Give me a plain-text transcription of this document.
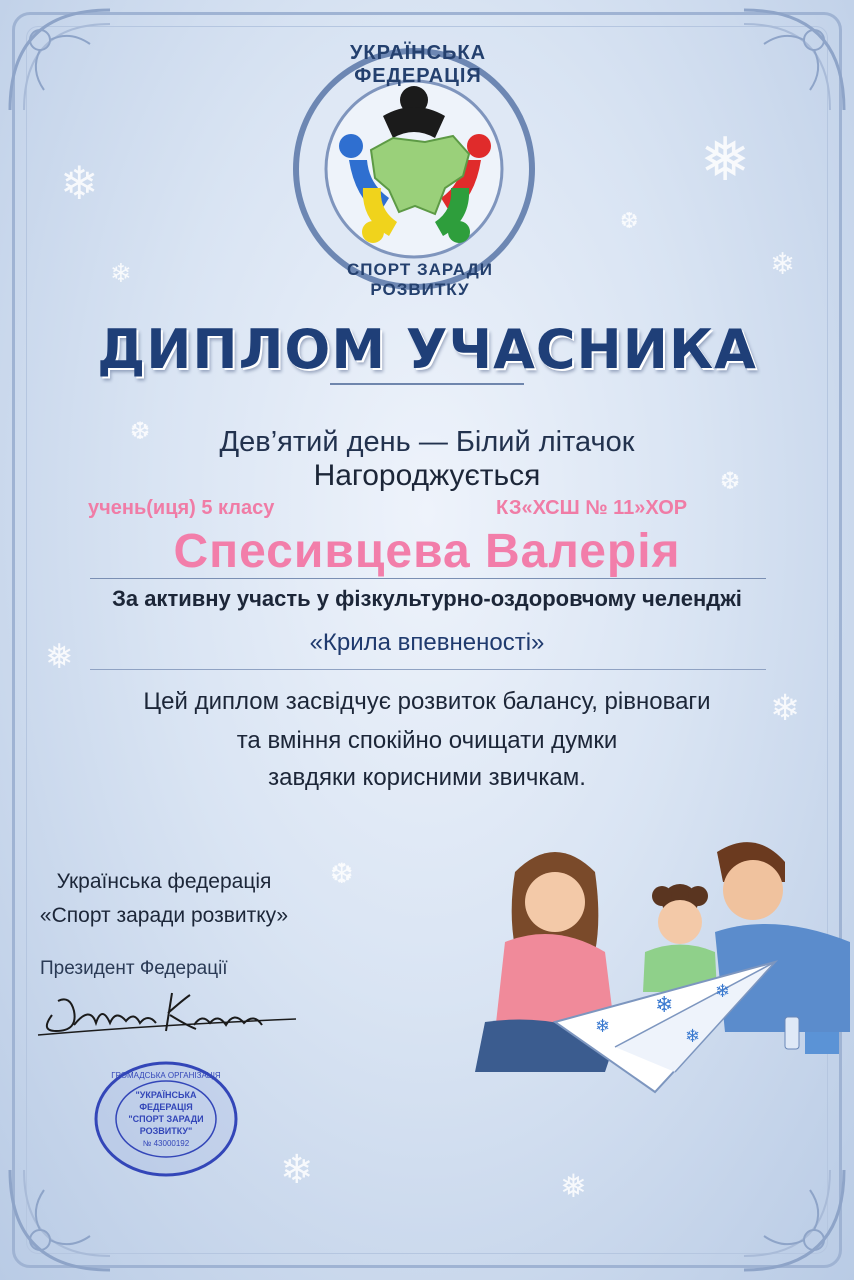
❄
❄
❅
❄
❆
❅
❄
❆
❄	❅
❆
❆
УКРАЇНСЬКА ФЕДЕРАЦІЯ
СПОРТ ЗАРАДИ РОЗВИТКУ
ДИПЛОМ УЧАСНИКА
Дев’ятий день — Білий літачок
Нагороджується
учень(иця) 5 класу	КЗ«ХСШ № 11»ХОР
Спесивцева Валерія
За активну участь у фізкультурно-оздоровчому челенджі
«Крила впевненості»
Цей диплом засвідчує розвиток балансу, рівноваги
та вміння спокійно очищати думки
завдяки корисними звичкам.
Українська федерація
«Спорт заради розвитку»
Президент Федерації
ГРОМАДСЬКА ОРГАНІЗАЦІЯ
"УКРАЇНСЬКА
ФЕДЕРАЦІЯ
"СПОРТ ЗАРАДИ
РОЗВИТКУ"
№ 43000192
❄
❄
❄
❄
